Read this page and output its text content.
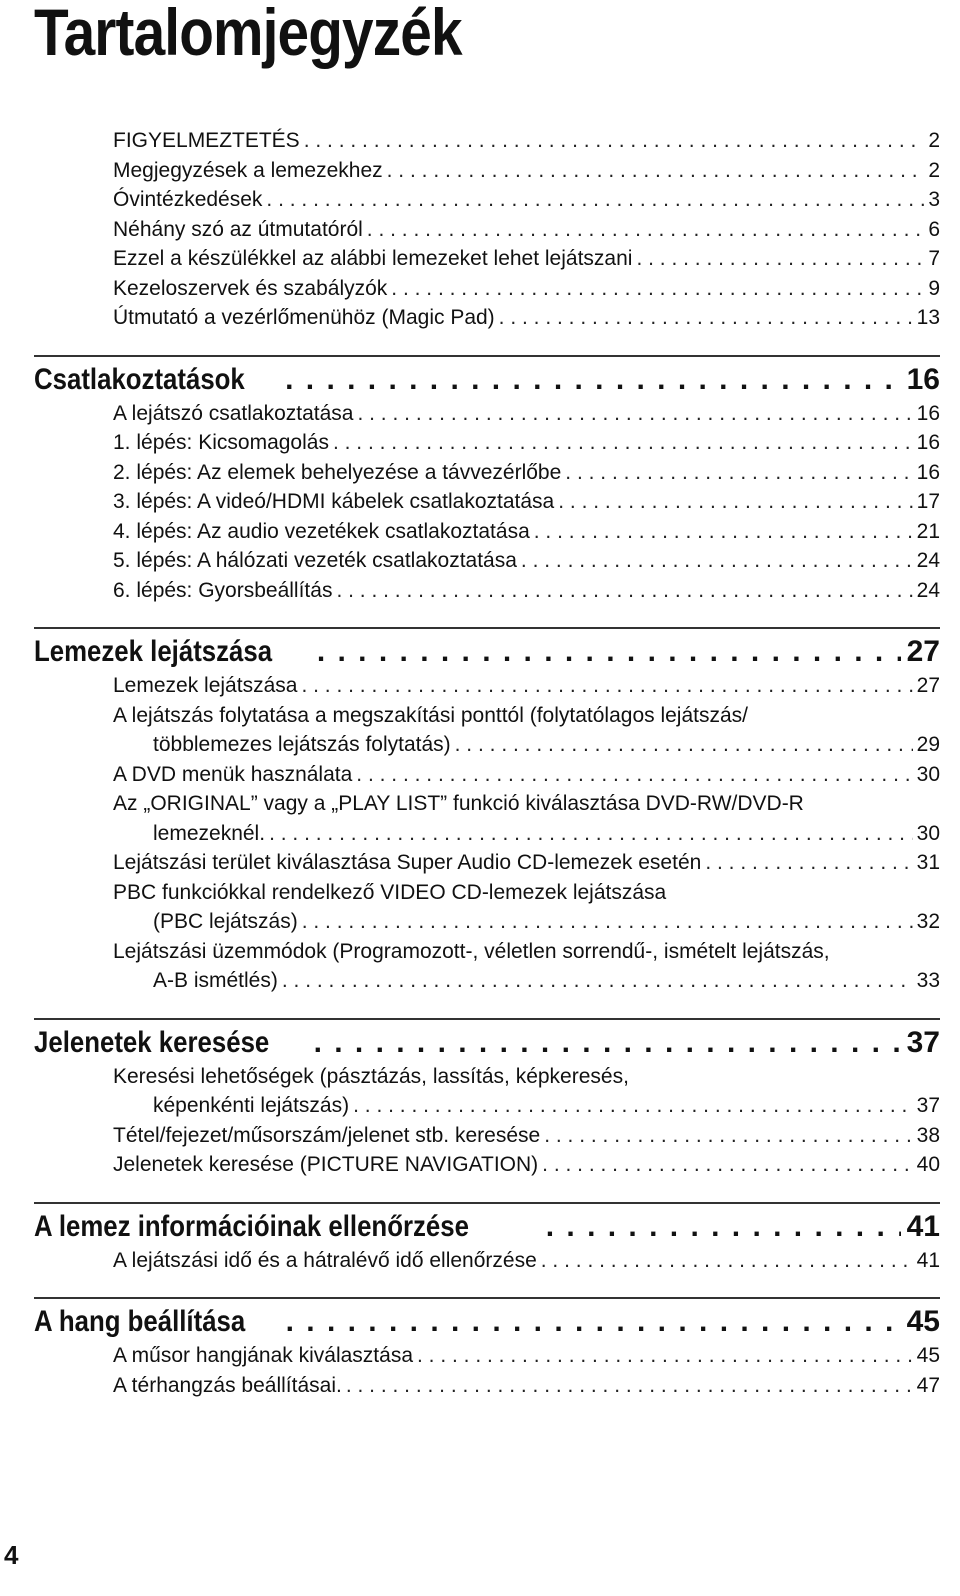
Tartalomjegyzék
FIGYELMEZTETÉS . . .	2
Megjegyzések a lemezekhez . . .	2
Óvintézkedések . . .	3
Néhány szó az útmutatóról . . .	6
Ezzel a készülékkel az alábbi lemezeket lehet lejátszani . . .	7
Kezeloszervek és szabályzók . . .	9
Útmutató a vezérlőmenühöz (Magic Pad) . . .	13
Csatlakoztatások . . .	16
A lejátszó csatlakoztatása . . .	16
1. lépés: Kicsomagolás . . .	16
2. lépés: Az elemek behelyezése a távvezérlőbe . . .	16
3. lépés: A videó/HDMI kábelek csatlakoztatása . . .	17
4. lépés: Az audio vezetékek csatlakoztatása . . .	21
5. lépés: A hálózati vezeték csatlakoztatása . . .	24
6. lépés: Gyorsbeállítás . . .	24
Lemezek lejátszása . . .	27
Lemezek lejátszása . . .	27
A lejátszás folytatása a megszakítási ponttól (folytatólagos lejátszás/
többlemezes lejátszás folytatás) . . .	29
A DVD menük használata . . .	30
Az „ORIGINAL” vagy a „PLAY LIST” funkció kiválasztása DVD-RW/DVD-R
lemezeknél. . . .	30
Lejátszási terület kiválasztása Super Audio CD-lemezek esetén . . .	31
PBC funkciókkal rendelkező VIDEO CD-lemezek lejátszása
(PBC lejátszás) . . .	32
Lejátszási üzemmódok (Programozott-, véletlen sorrendű-, ismételt lejátszás,
A-B ismétlés) . . .	33
Jelenetek keresése . . .	37
Keresési lehetőségek (pásztázás, lassítás, képkeresés,
képenkénti lejátszás) . . .	37
Tétel/fejezet/műsorszám/jelenet stb. keresése . . .	38
Jelenetek keresése (PICTURE NAVIGATION) . . .	40
A lemez információinak ellenőrzése . . .	41
A lejátszási idő és a hátralévő idő ellenőrzése . . .	41
A hang beállítása . . .	45
A műsor hangjának kiválasztása . . .	45
A térhangzás beállításai. . . .	47
4
